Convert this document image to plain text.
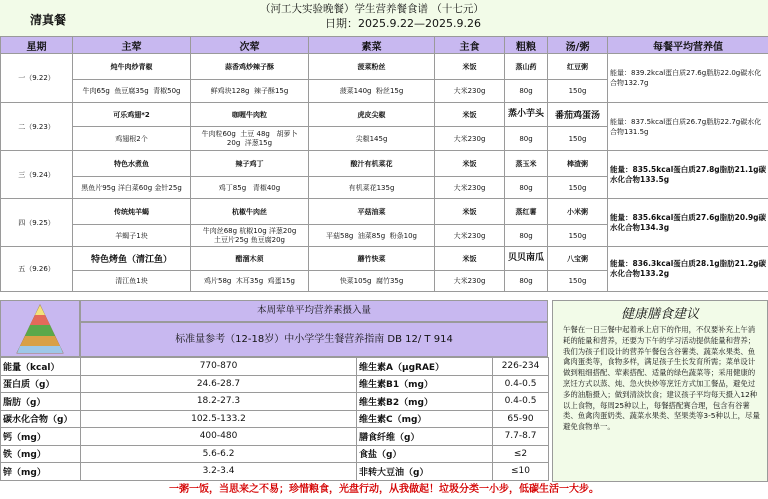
清真餐
（河工大实验晚餐）学生营养餐食谱 （十七元）
日期：2025.9.22—2025.9.26
星期	主荤	次荤	素菜	主食	粗粮	汤/粥	每餐平均营养值
一（9.22）	炖牛肉炒青椒	蒜香鸡炒辣子酥	菠菜粉丝	米饭	蒸山药	红豆粥	能量：839.2kcal蛋白质27.6g脂肪22.0g碳水化合物132.7g
	牛肉65g 鱼豆腐35g 青椒50g	鲜鸡块128g 辣子酥15g	菠菜140g 粉丝15g	大米230g	80g	150g	
二（9.23）	可乐鸡翅*2	咖喱牛肉粒	虎皮尖椒	米饭	蒸小芋头	番茄鸡蛋汤	能量：837.5kcal蛋白质26.7g脂肪22.7g碳水化合物131.5g
	鸡翅根2个	牛肉粒60g 土豆 48g 胡萝卜
20g 洋葱15g	尖椒145g	大米230g	80g	150g	
三（9.24）	特色水煮鱼	辣子鸡丁	酸汁有机菜花	米饭	蒸玉米	棒渣粥	能量：835.5kcal蛋白质27.8g脂肪21.1g碳水化合物133.5g
	黑鱼片95g 洋白菜60g 金针25g	鸡丁85g 青椒40g	有机菜花135g	大米230g	80g	150g	
四（9.25）	传统炖羊蝎	杭椒牛肉丝	平菇油菜	米饭	蒸红薯	小米粥	能量：835.6kcal蛋白质27.6g脂肪20.9g碳水化合物134.3g
	羊蝎子1块	牛肉丝68g 杭椒10g 洋葱20g
土豆片25g 鱼豆腐20g	平菇58g 油菜85g 粉条10g	大米230g	80g	150g	
五（9.26）	特色烤鱼（清江鱼）	醋溜木须	蘑竹快菜	米饭	贝贝南瓜	八宝粥	能量：836.3kcal蛋白质28.1g脂肪21.2g碳水化合物133.2g
	清江鱼1块	鸡片58g 木耳35g 鸡蛋15g	快菜105g 腐竹35g	大米230g	80g	150g	
本周荤单平均营养素摄入量
标准量参考（12-18岁）中小学学生餐营养指南 DB 12/ T 914
能量（kcal）	770-870	维生素A（μgRAE）	226-234
蛋白质（g）	24.6-28.7	维生素B1（mg）	0.4-0.5
脂肪（g）	18.2-27.3	维生素B2（mg）	0.4-0.5
碳水化合物（g）	102.5-133.2	维生素C（mg）	65-90
钙（mg）	400-480	膳食纤维（g）	7.7-8.7
铁（mg）	5.6-6.2	食盐（g）	≤2
锌（mg）	3.2-3.4	非转大豆油（g）	≤10
健康膳食建议
午餐在一日三餐中起着承上启下的作用，不仅要补充上午消耗的能量和营养，还要为下午的学习活动提供能量和营养；我们为孩子们设计的营养午餐包含谷薯类、蔬菜水果类、鱼禽肉蛋类等，食物多样，满足孩子生长发育所需；菜单设计做到粗细搭配、荤素搭配、适量的绿色蔬菜等；采用健康的烹饪方式以蒸、炖、急火快炒等烹饪方式加工餐品，避免过多的油脂摄入；做到清淡饮食；建议孩子平均每天摄入12种以上食物，每周25种以上，每餐搭配赛合理，包含有谷薯类、鱼禽肉蛋奶类、蔬菜水果类、坚果类等3-5种以上，尽量避免食物单一。
一粥一饭，当思来之不易；珍惜粮食，光盘行动，从我做起！垃圾分类一小步，低碳生活一大步。
